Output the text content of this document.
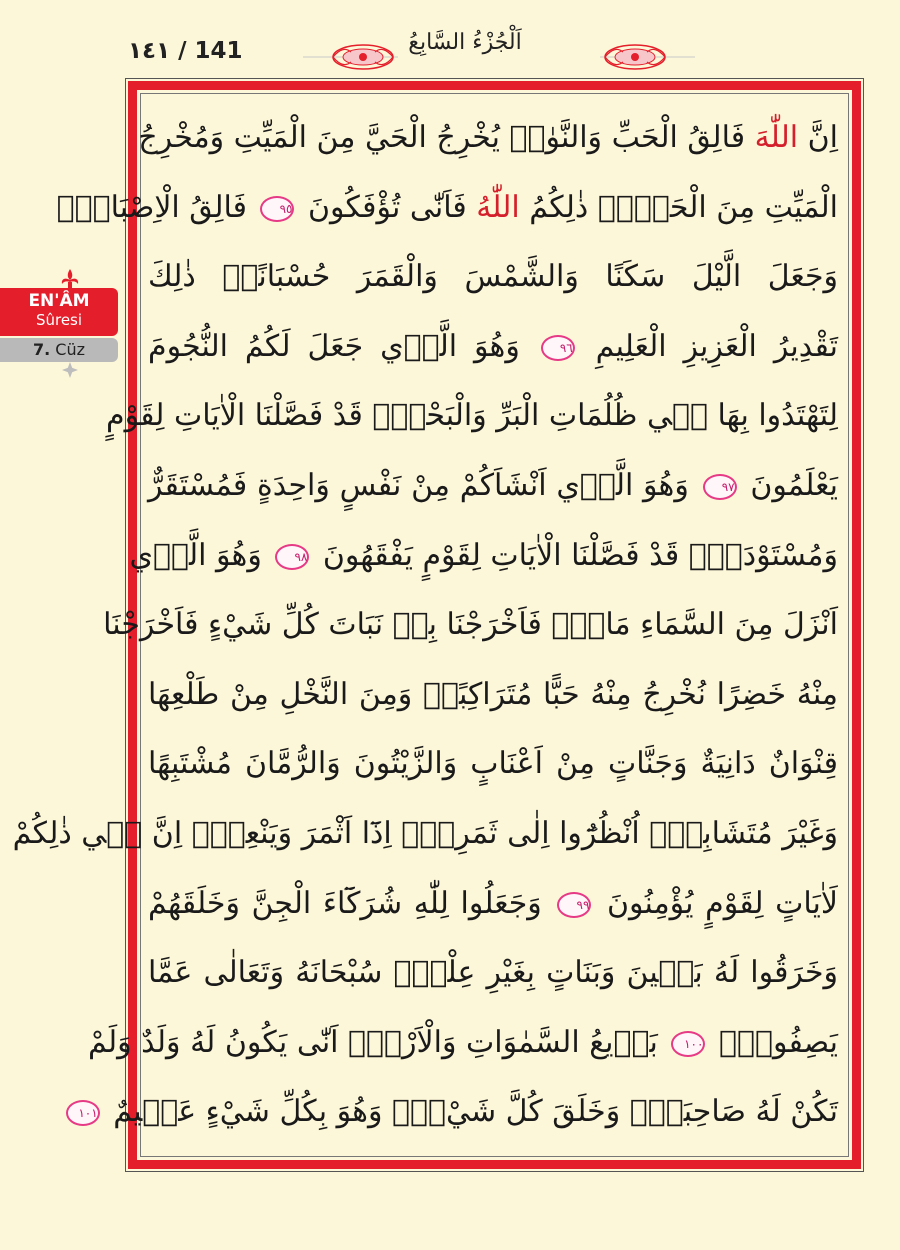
١٤١ / 141	اَلْجُزْءُ السَّابِعُ
EN'ÂM
Sûresi
7. Cüz
اِنَّ اللّٰهَ فَالِقُ الْحَبِّ وَالنَّوٰىۜ يُخْرِجُ الْحَيَّ مِنَ الْمَيِّتِ وَمُخْرِجُ
الْمَيِّتِ مِنَ الْحَيِّۜ ذٰلِكُمُ اللّٰهُ فَاَنّٰى تُؤْفَكُونَ ٩٥ فَالِقُ الْاِصْبَاحِۚ
وَجَعَلَ الَّيْلَ سَكَنًا وَالشَّمْسَ وَالْقَمَرَ حُسْبَانًاۜ ذٰلِكَ
تَقْدِيرُ الْعَزِيزِ الْعَلِيمِ ٩٦ وَهُوَ الَّذ۪ي جَعَلَ لَكُمُ النُّجُومَ
لِتَهْتَدُوا بِهَا ف۪ي ظُلُمَاتِ الْبَرِّ وَالْبَحْرِۜ قَدْ فَصَّلْنَا الْاٰيَاتِ لِقَوْمٍ
يَعْلَمُونَ ٩٧ وَهُوَ الَّذ۪ي اَنْشَاَكُمْ مِنْ نَفْسٍ وَاحِدَةٍ فَمُسْتَقَرٌّ
وَمُسْتَوْدَعٌۜ قَدْ فَصَّلْنَا الْاٰيَاتِ لِقَوْمٍ يَفْقَهُونَ ٩٨ وَهُوَ الَّذ۪ي
اَنْزَلَ مِنَ السَّمَاءِ مَاءًۚ فَاَخْرَجْنَا بِه۪ نَبَاتَ كُلِّ شَيْءٍ فَاَخْرَجْنَا
مِنْهُ خَضِرًا نُخْرِجُ مِنْهُ حَبًّا مُتَرَاكِبًاۚ وَمِنَ النَّخْلِ مِنْ طَلْعِهَا
قِنْوَانٌ دَانِيَةٌ وَجَنَّاتٍ مِنْ اَعْنَابٍ وَالزَّيْتُونَ وَالرُّمَّانَ مُشْتَبِهًا
وَغَيْرَ مُتَشَابِهٍۜ اُنْظُرُٓوا اِلٰى ثَمَرِه۪ٓ اِذَٓا اَثْمَرَ وَيَنْعِه۪ۜ اِنَّ ف۪ي ذٰلِكُمْ
لَاٰيَاتٍ لِقَوْمٍ يُؤْمِنُونَ ٩٩ وَجَعَلُوا لِلّٰهِ شُرَكَٓاءَ الْجِنَّ وَخَلَقَهُمْ
وَخَرَقُوا لَهُ بَن۪ينَ وَبَنَاتٍ بِغَيْرِ عِلْمٍۜ سُبْحَانَهُ وَتَعَالٰى عَمَّا
يَصِفُونَ۟ ١٠٠ بَد۪يعُ السَّمٰوَاتِ وَالْاَرْضِۜ اَنّٰى يَكُونُ لَهُ وَلَدٌ وَلَمْ
تَكُنْ لَهُ صَاحِبَةٌۜ وَخَلَقَ كُلَّ شَيْءٍۚ وَهُوَ بِكُلِّ شَيْءٍ عَل۪يمٌ ١٠١
